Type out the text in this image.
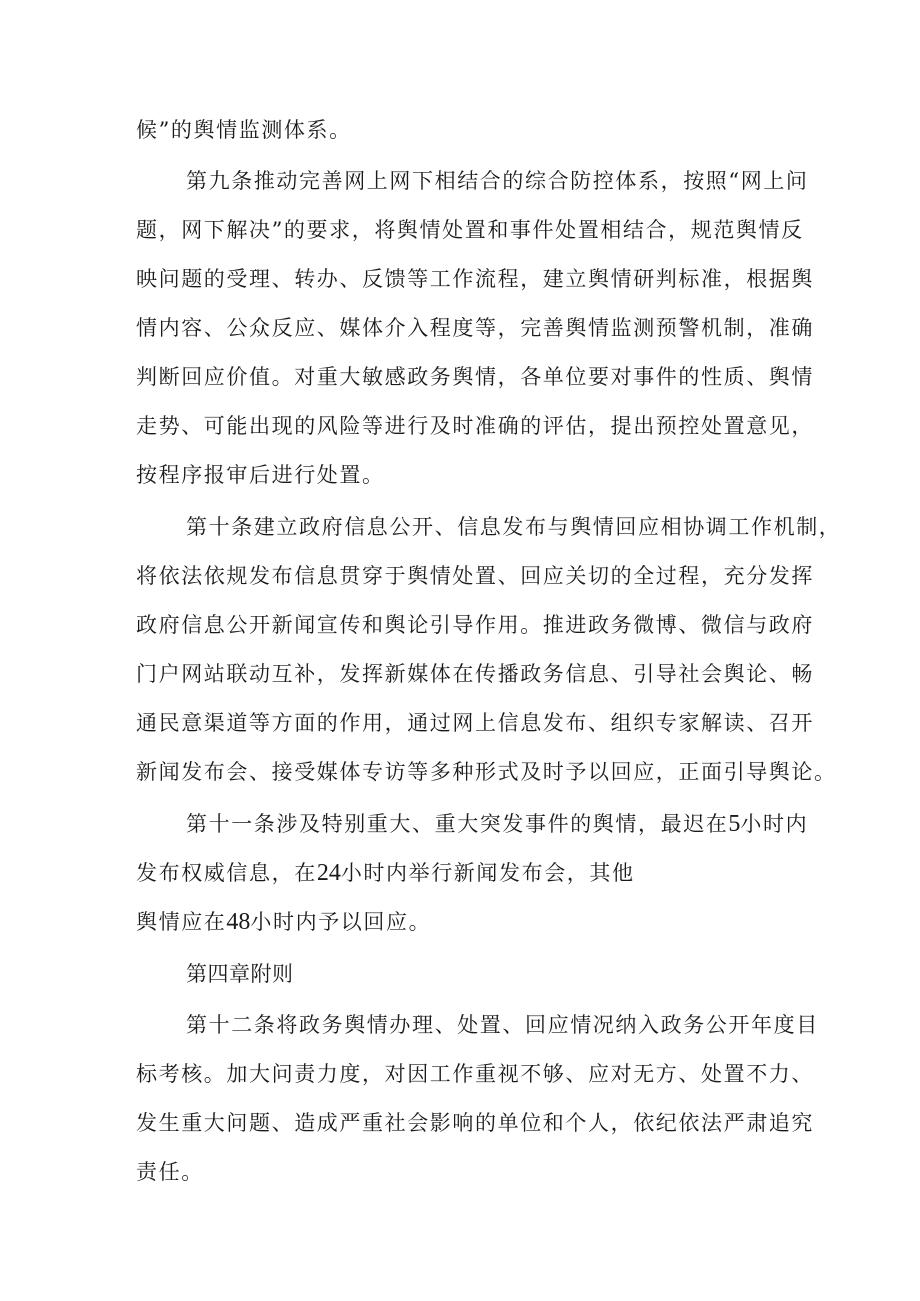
候”的舆情监测体系。
第九条推动完善网上网下相结合的综合防控体系，按照“网上问
题，网下解决”的要求，将舆情处置和事件处置相结合，规范舆情反
映问题的受理、转办、反馈等工作流程，建立舆情研判标准，根据舆
情内容、公众反应、媒体介入程度等，完善舆情监测预警机制，准确
判断回应价值。对重大敏感政务舆情，各单位要对事件的性质、舆情
走势、可能出现的风险等进行及时准确的评估，提出预控处置意见，
按程序报审后进行处置。
第十条建立政府信息公开、信息发布与舆情回应相协调工作机制，
将依法依规发布信息贯穿于舆情处置、回应关切的全过程，充分发挥
政府信息公开新闻宣传和舆论引导作用。推进政务微博、微信与政府
门户网站联动互补，发挥新媒体在传播政务信息、引导社会舆论、畅
通民意渠道等方面的作用，通过网上信息发布、组织专家解读、召开
新闻发布会、接受媒体专访等多种形式及时予以回应，正面引导舆论。
第十一条涉及特别重大、重大突发事件的舆情，最迟在5小时内
发布权威信息，在24小时内举行新闻发布会，其他
舆情应在48小时内予以回应。
第四章附则
第十二条将政务舆情办理、处置、回应情况纳入政务公开年度目
标考核。加大问责力度，对因工作重视不够、应对无方、处置不力、
发生重大问题、造成严重社会影响的单位和个人，依纪依法严肃追究
责任。
